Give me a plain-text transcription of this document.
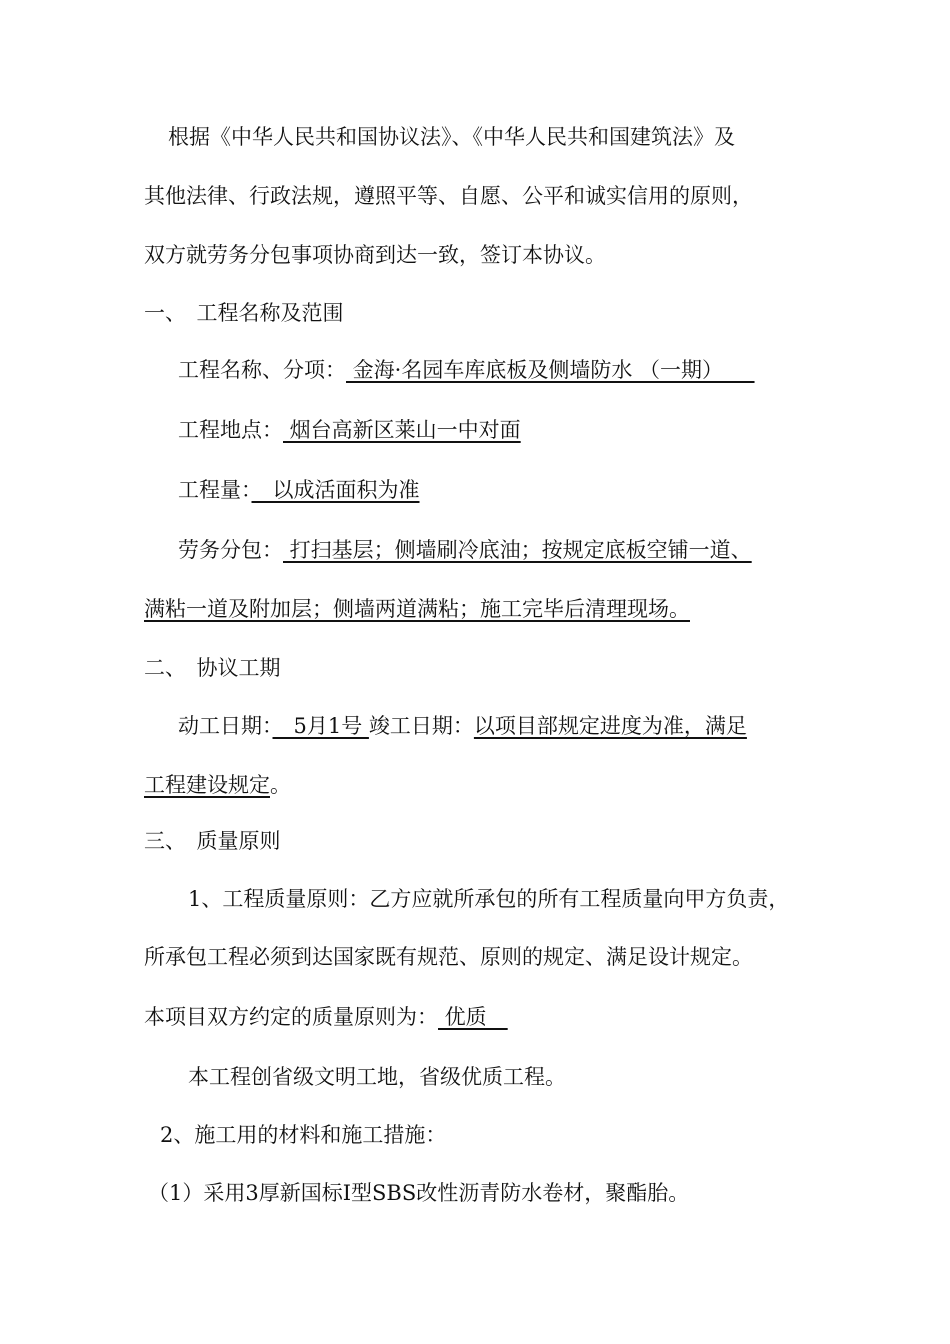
根据《中华人民共和国协议法》、《中华人民共和国建筑法》及
其他法律、行政法规，遵照平等、自愿、公平和诚实信用的原则，
双方就劳务分包事项协商到达一致，签订本协议。
一、　工程名称及范围
工程名称、分项： 金海·名园车库底板及侧墙防水 （一期）　　
工程地点： 烟台高新区莱山一中对面
工程量：　以成活面积为准
劳务分包： 打扫基层；侧墙刷冷底油；按规定底板空铺一道、
满粘一道及附加层；侧墙两道满粘；施工完毕后清理现场。
二、　协议工期
动工日期：　5月1号 竣工日期：以项目部规定进度为准，满足
工程建设规定。
三、　质量原则
1、工程质量原则：乙方应就所承包的所有工程质量向甲方负责，
所承包工程必须到达国家既有规范、原则的规定、满足设计规定。
本项目双方约定的质量原则为： 优质　
本工程创省级文明工地，省级优质工程。
2、施工用的材料和施工措施：
（1）采用3厚新国标Ⅰ型SBS改性沥青防水卷材，聚酯胎。
